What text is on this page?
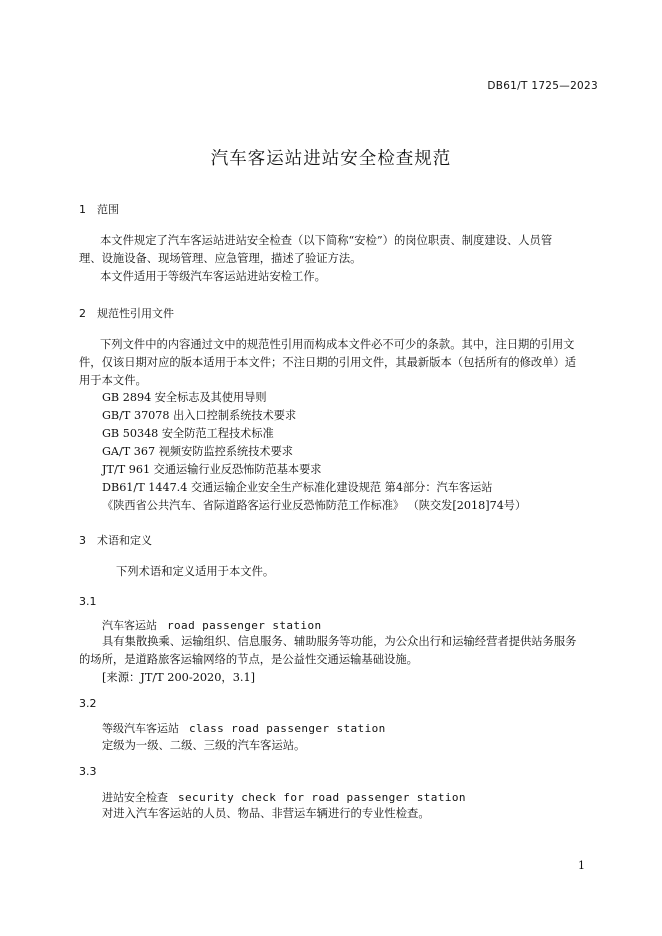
DB61/T 1725—2023
汽车客运站进站安全检查规范
1 范围
本文件规定了汽车客运站进站安全检查（以下简称“安检”）的岗位职责、制度建设、人员管
理、设施设备、现场管理、应急管理，描述了验证方法。
本文件适用于等级汽车客运站进站安检工作。
2 规范性引用文件
下列文件中的内容通过文中的规范性引用而构成本文件必不可少的条款。其中，注日期的引用文
件，仅该日期对应的版本适用于本文件；不注日期的引用文件，其最新版本（包括所有的修改单）适
用于本文件。
GB 2894 安全标志及其使用导则
GB/T 37078 出入口控制系统技术要求
GB 50348 安全防范工程技术标准
GA/T 367 视频安防监控系统技术要求
JT/T 961 交通运输行业反恐怖防范基本要求
DB61/T 1447.4 交通运输企业安全生产标准化建设规范 第4部分：汽车客运站
《陕西省公共汽车、省际道路客运行业反恐怖防范工作标准》 （陕交发[2018]74号）
3 术语和定义
下列术语和定义适用于本文件。
3.1
汽车客运站 road passenger station
具有集散换乘、运输组织、信息服务、辅助服务等功能，为公众出行和运输经营者提供站务服务
的场所，是道路旅客运输网络的节点，是公益性交通运输基础设施。
[来源：JT/T 200-2020，3.1]
3.2
等级汽车客运站 class road passenger station
定级为一级、二级、三级的汽车客运站。
3.3
进站安全检查 security check for road passenger station
对进入汽车客运站的人员、物品、非营运车辆进行的专业性检查。
1
